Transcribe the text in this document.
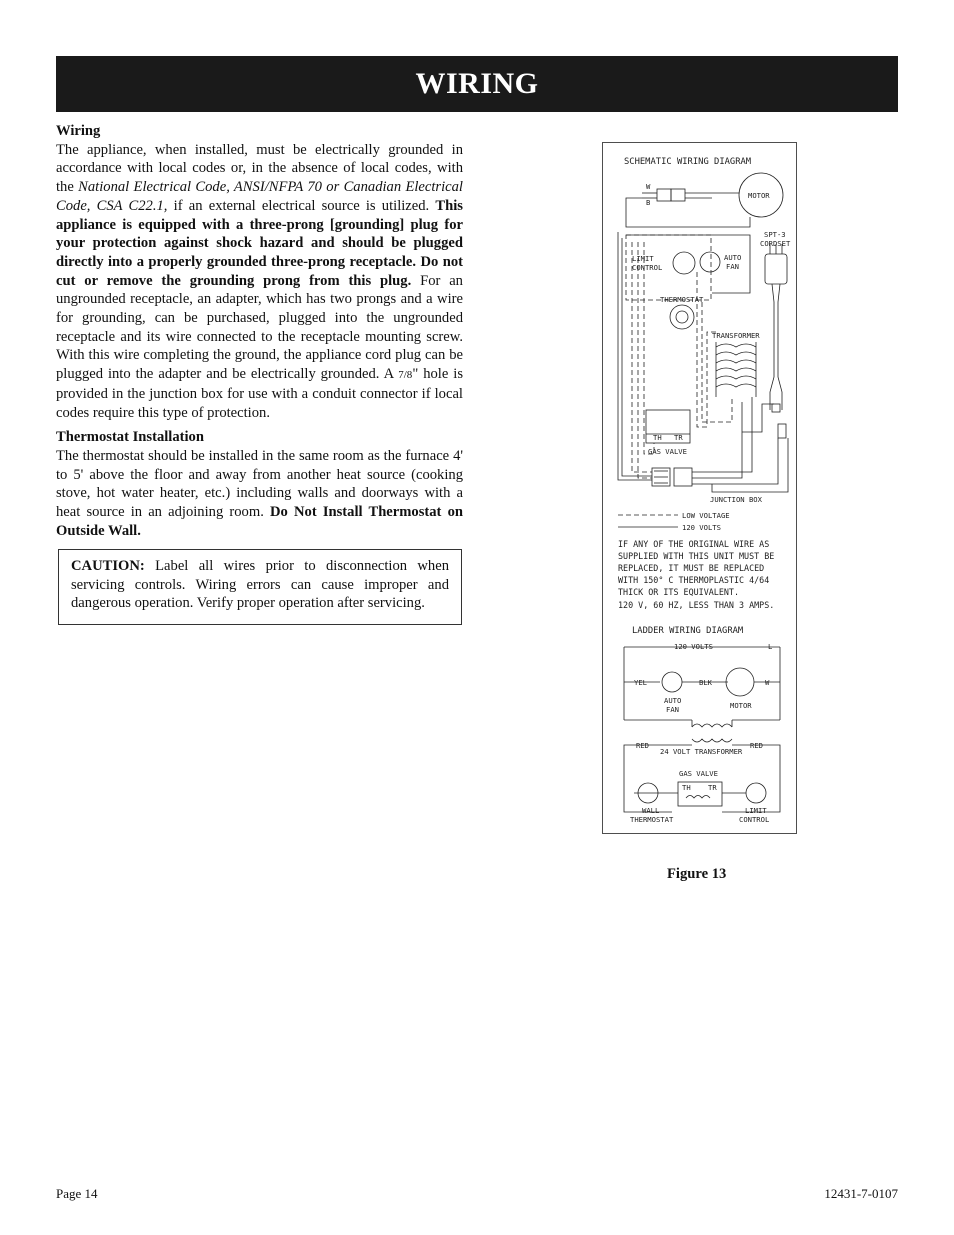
WIRING
Wiring

The appliance, when installed, must be electrically grounded in accordance with local codes or, in the absence of local codes, with the National Electrical Code, ANSI/NFPA 70 or Canadian Electrical Code, CSA C22.1, if an external electrical source is utilized. This appliance is equipped with a three-prong [grounding] plug for your protection against shock hazard and should be plugged directly into a properly grounded three-prong receptacle. Do not cut or remove the grounding prong from this plug. For an ungrounded receptacle, an adapter, which has two prongs and a wire for grounding, can be purchased, plugged into the ungrounded receptacle and its wire connected to the receptacle mounting screw. With this wire completing the ground, the appliance cord plug can be plugged into the adapter and be electrically grounded. A 7/8" hole is provided in the junction box for use with a conduit connector if local codes require this type of protection.

Thermostat Installation

The thermostat should be installed in the same room as the furnace 4' to 5' above the floor and away from another heat source (cooking stove, hot water heater, etc.) including walls and doorways with a heat source in an adjoining room. Do Not Install Thermostat on Outside Wall.

CAUTION: Label all wires prior to disconnection when servicing controls. Wiring errors can cause improper and dangerous operation. Verify proper operation after servicing.
SCHEMATIC WIRING DIAGRAM
MOTOR
W
B
LIMIT
CONTROL
AUTO
FAN
SPT-3
CORDSET
THERMOSTAT
TRANSFORMER
TH TR
GAS VALVE
JUNCTION BOX
LOW VOLTAGE
120 VOLTS
IF ANY OF THE ORIGINAL WIRE AS
SUPPLIED WITH THIS UNIT MUST BE
REPLACED, IT MUST BE REPLACED
WITH 150° C THERMOPLASTIC 4/64
THICK OR ITS EQUIVALENT.
120 V, 60 HZ, LESS THAN 3 AMPS.
LADDER WIRING DIAGRAM
120 VOLTS	L
YEL	BLK	W
AUTO
FAN	MOTOR
RED	RED
24 VOLT TRANSFORMER
GAS VALVE
TH TR
WALL
THERMOSTAT
LIMIT
CONTROL
Figure 13
Page 14	12431-7-0107
